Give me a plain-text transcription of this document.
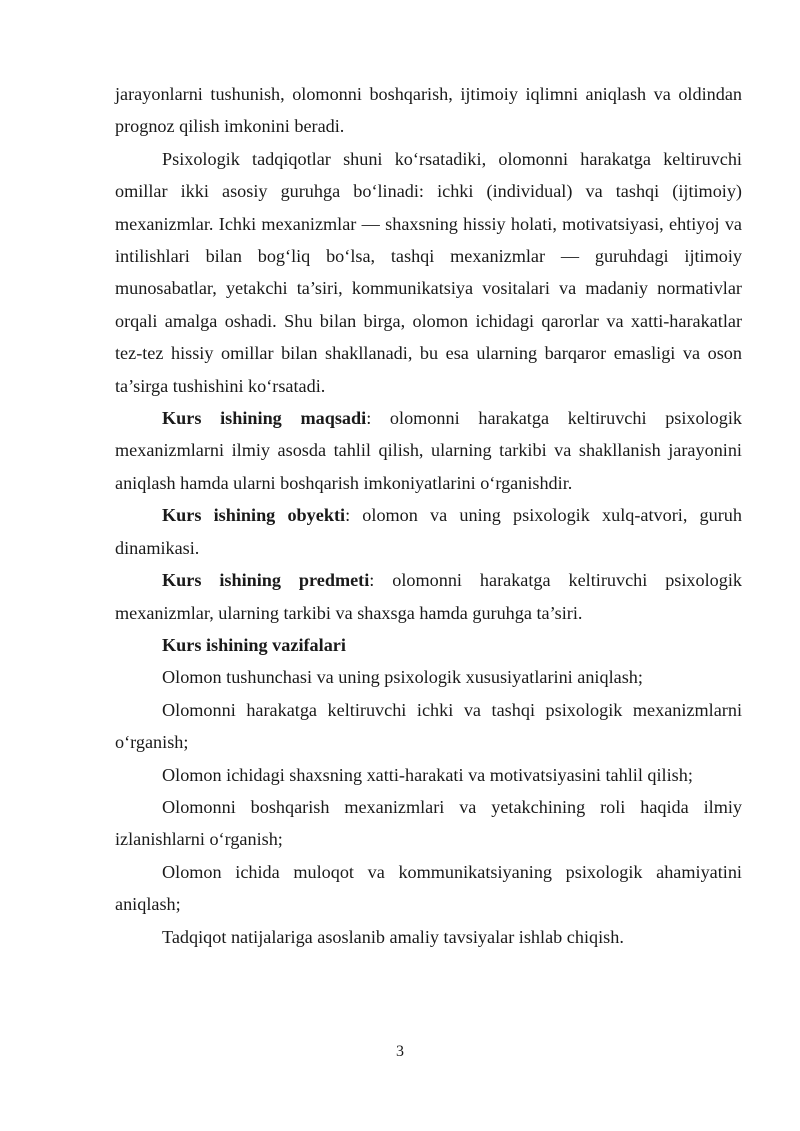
jarayonlarni tushunish, olomonni boshqarish, ijtimoiy iqlimni aniqlash va oldindan prognoz qilish imkonini beradi.

Psixologik tadqiqotlar shuni ko‘rsatadiki, olomonni harakatga keltiruvchi omillar ikki asosiy guruhga bo‘linadi: ichki (individual) va tashqi (ijtimoiy) mexanizmlar. Ichki mexanizmlar — shaxsning hissiy holati, motivatsiyasi, ehtiyoj va intilishlari bilan bog‘liq bo‘lsa, tashqi mexanizmlar — guruhdagi ijtimoiy munosabatlar, yetakchi ta’siri, kommunikatsiya vositalari va madaniy normativlar orqali amalga oshadi. Shu bilan birga, olomon ichidagi qarorlar va xatti-harakatlar tez-tez hissiy omillar bilan shakllanadi, bu esa ularning barqaror emasligi va oson ta’sirga tushishini ko‘rsatadi.

Kurs ishining maqsadi: olomonni harakatga keltiruvchi psixologik mexanizmlarni ilmiy asosda tahlil qilish, ularning tarkibi va shakllanish jarayonini aniqlash hamda ularni boshqarish imkoniyatlarini o‘rganishdir.

Kurs ishining obyekti: olomon va uning psixologik xulq-atvori, guruh dinamikasi.

Kurs ishining predmeti: olomonni harakatga keltiruvchi psixologik mexanizmlar, ularning tarkibi va shaxsga hamda guruhga ta’siri.

Kurs ishining vazifalari

Olomon tushunchasi va uning psixologik xususiyatlarini aniqlash;

Olomonni harakatga keltiruvchi ichki va tashqi psixologik mexanizmlarni o‘rganish;

Olomon ichidagi shaxsning xatti-harakati va motivatsiyasini tahlil qilish;

Olomonni boshqarish mexanizmlari va yetakchining roli haqida ilmiy izlanishlarni o‘rganish;

Olomon ichida muloqot va kommunikatsiyaning psixologik ahamiyatini aniqlash;

Tadqiqot natijalariga asoslanib amaliy tavsiyalar ishlab chiqish.

3
